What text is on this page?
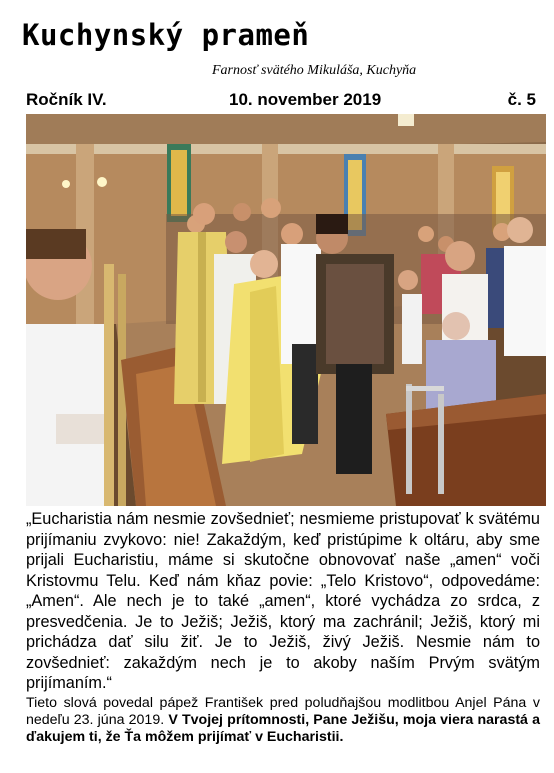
Kuchynský prameň
Farnosť svätého Mikuláša, Kuchyňa
Ročník IV.	10. november 2019	č. 5
„Eucharistia nám nesmie zovšednieť; nesmieme pristupovať k svätému prijímaniu zvykovo: nie! Zakaždým, keď pristúpime k oltáru, aby sme prijali Eucharistiu, máme si skutočne obnovovať naše „amen“ voči Kristovmu Telu. Keď nám kňaz povie: „Telo Kristovo“, odpovedáme: „Amen“. Ale nech je to také „amen“, ktoré vychádza zo srdca, z presvedčenia. Je to Ježiš; Ježiš, ktorý ma zachránil; Ježiš, ktorý mi prichádza dať silu žiť. Je to Ježiš, živý Ježiš. Nesmie nám to zovšednieť: zakaždým nech je to akoby naším Prvým svätým prijímaním.“
Tieto slová povedal pápež František pred poludňajšou modlitbou Anjel Pána v nedeľu 23. júna 2019. V Tvojej prítomnosti, Pane Ježišu, moja viera narastá a ďakujem ti, že Ťa môžem prijímať v Eucharistii.
